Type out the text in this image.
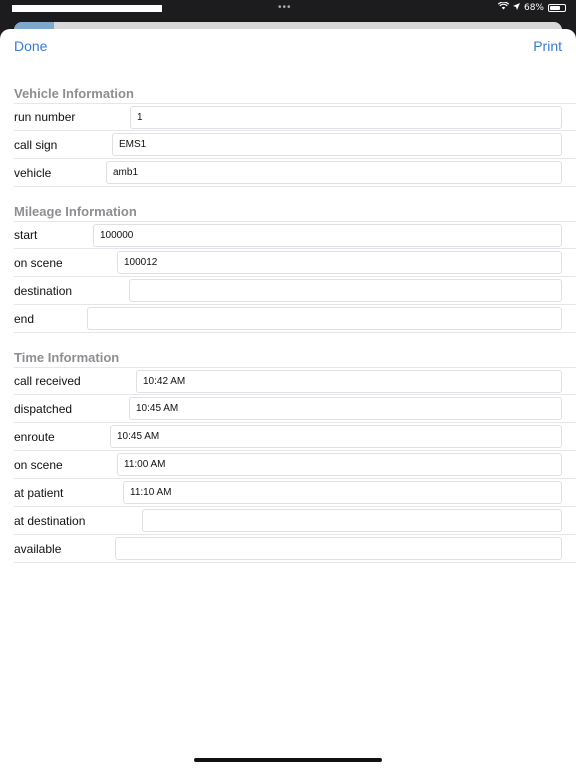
•••	68%
Done	Print
Vehicle Information
run number	1
call sign	EMS1
vehicle	amb1
Mileage Information
start	100000
on scene	100012
destination
end
Time Information
call received	10:42 AM
dispatched	10:45 AM
enroute	10:45 AM
on scene	11:00 AM
at patient	11:10 AM
at destination
available
